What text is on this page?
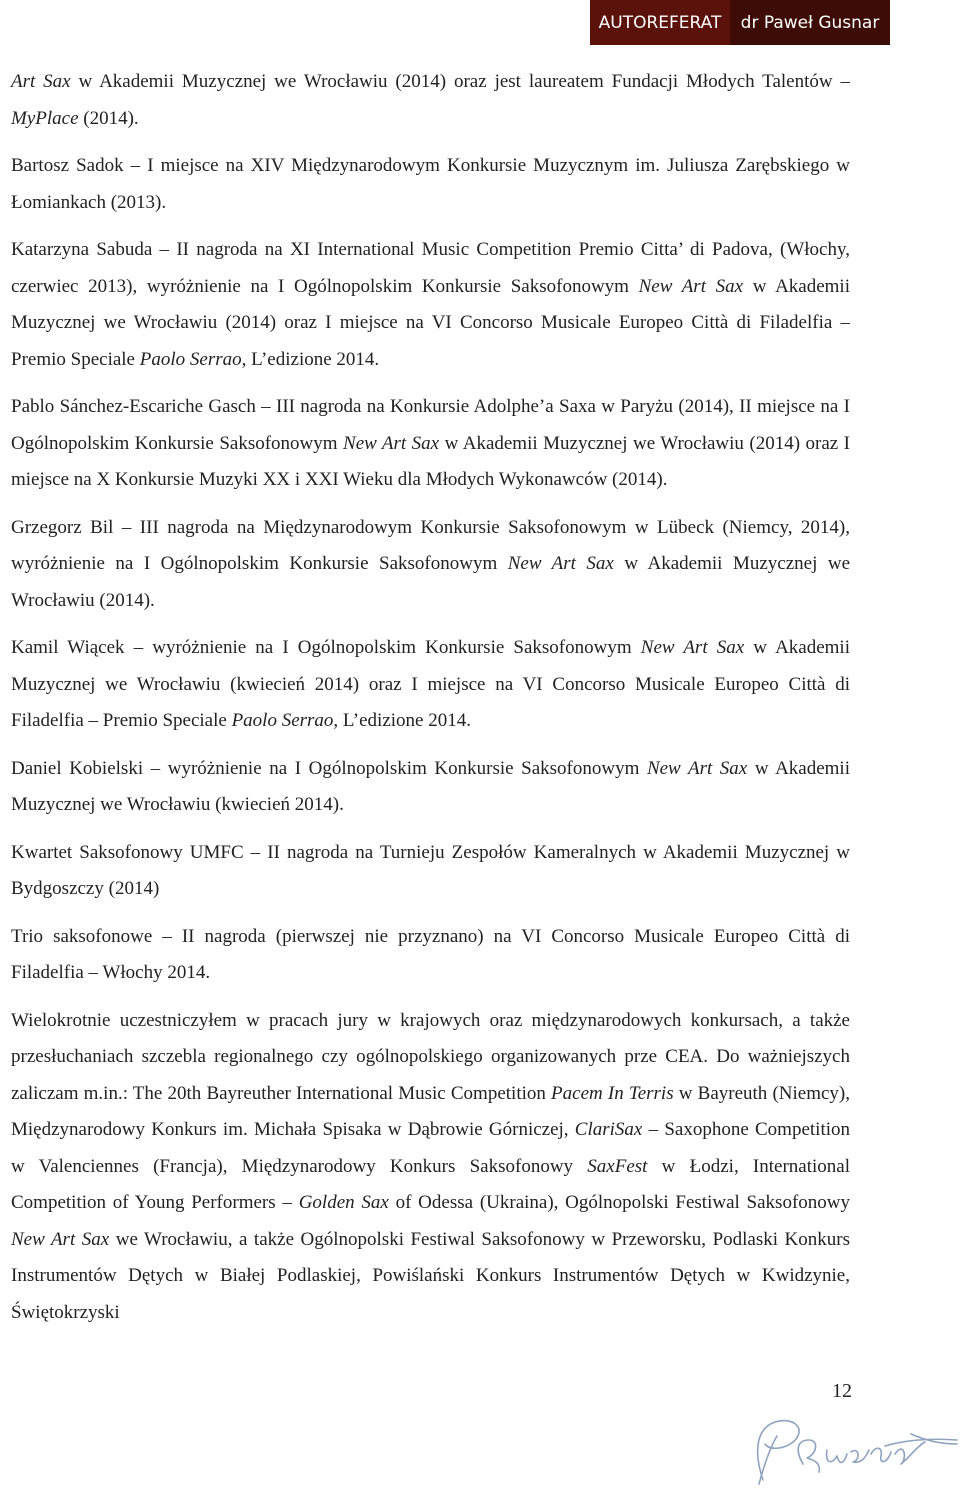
AUTOREFERAT	dr Paweł Gusnar

Art Sax w Akademii Muzycznej we Wrocławiu (2014) oraz jest laureatem Fundacji Młodych Talentów – MyPlace (2014).

Bartosz Sadok – I miejsce na XIV Międzynarodowym Konkursie Muzycznym im. Juliusza Zarębskiego w Łomiankach (2013).

Katarzyna Sabuda – II nagroda na XI International Music Competition Premio Citta’ di Padova, (Włochy, czerwiec 2013), wyróżnienie na I Ogólnopolskim Konkursie Saksofonowym New Art Sax w Akademii Muzycznej we Wrocławiu (2014) oraz I miejsce na VI Concorso Musicale Europeo Città di Filadelfia – Premio Speciale Paolo Serrao, L’edizione 2014.

Pablo Sánchez-Escariche Gasch – III nagroda na Konkursie Adolphe’a Saxa w Paryżu (2014), II miejsce na I Ogólnopolskim Konkursie Saksofonowym New Art Sax w Akademii Muzycznej we Wrocławiu (2014) oraz I miejsce na X Konkursie Muzyki XX i XXI Wieku dla Młodych Wykonawców (2014).

Grzegorz Bil – III nagroda na Międzynarodowym Konkursie Saksofonowym w Lübeck (Niemcy, 2014), wyróżnienie na I Ogólnopolskim Konkursie Saksofonowym New Art Sax w Akademii Muzycznej we Wrocławiu (2014).

Kamil Wiącek – wyróżnienie na I Ogólnopolskim Konkursie Saksofonowym New Art Sax w Akademii Muzycznej we Wrocławiu (kwiecień 2014) oraz I miejsce na VI Concorso Musicale Europeo Città di Filadelfia – Premio Speciale Paolo Serrao, L’edizione 2014.

Daniel Kobielski – wyróżnienie na I Ogólnopolskim Konkursie Saksofonowym New Art Sax w Akademii Muzycznej we Wrocławiu (kwiecień 2014).

Kwartet Saksofonowy UMFC – II nagroda na Turnieju Zespołów Kameralnych w Akademii Muzycznej w Bydgoszczy (2014)

Trio saksofonowe – II nagroda (pierwszej nie przyznano) na VI Concorso Musicale Europeo Città di Filadelfia – Włochy 2014.

Wielokrotnie uczestniczyłem w pracach jury w krajowych oraz międzynarodowych konkursach, a także przesłuchaniach szczebla regionalnego czy ogólnopolskiego organizowanych prze CEA. Do ważniejszych zaliczam m.in.: The 20th Bayreuther International Music Competition Pacem In Terris w Bayreuth (Niemcy), Międzynarodowy Konkurs im. Michała Spisaka w Dąbrowie Górniczej, ClariSax – Saxophone Competition w Valenciennes (Francja), Międzynarodowy Konkurs Saksofonowy SaxFest w Łodzi, International Competition of Young Performers – Golden Sax of Odessa (Ukraina), Ogólnopolski Festiwal Saksofonowy New Art Sax we Wrocławiu, a także Ogólnopolski Festiwal Saksofonowy w Przeworsku, Podlaski Konkurs Instrumentów Dętych w Białej Podlaskiej, Powiślański Konkurs Instrumentów Dętych w Kwidzynie, Świętokrzyski

12
